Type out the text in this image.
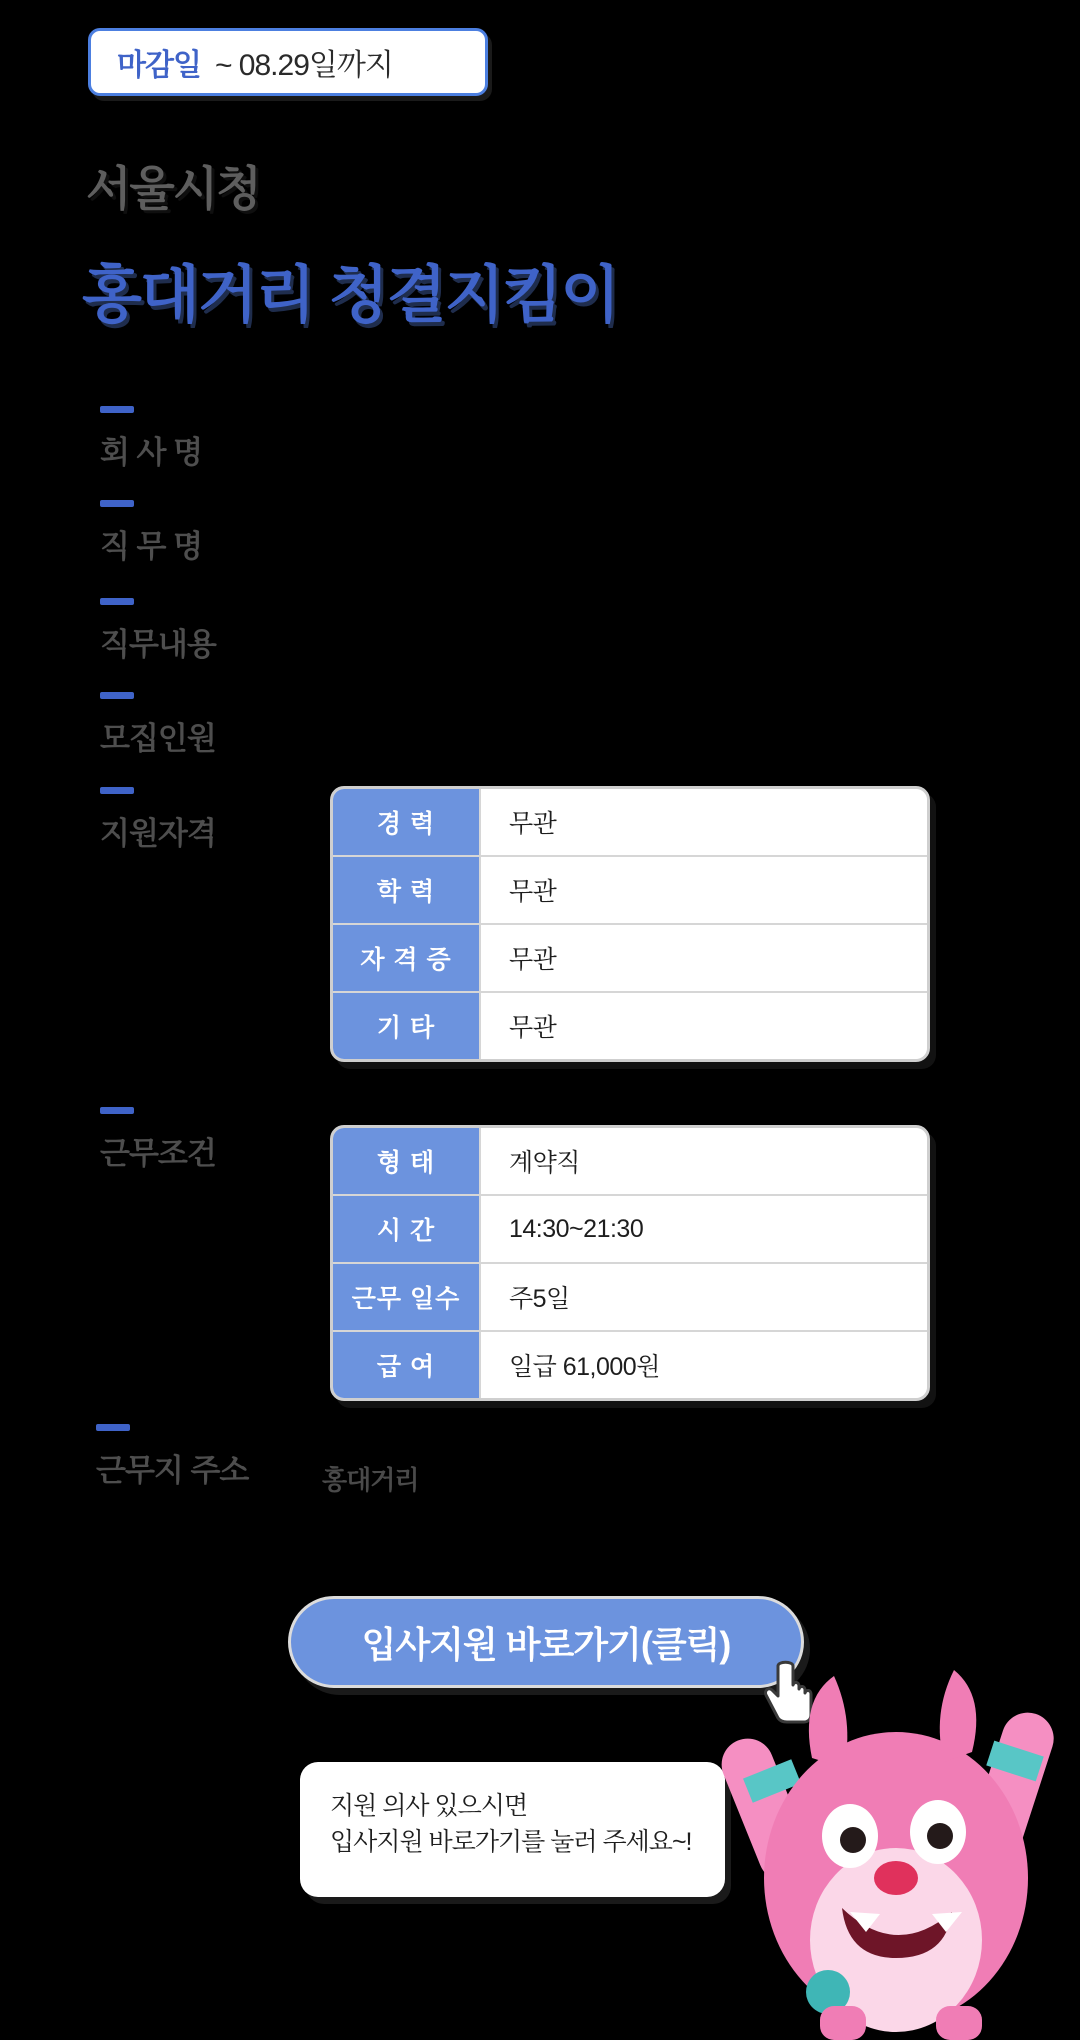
마감일 ~ 08.29일까지
서울시청
홍대거리 청결지킴이
회 사 명
직 무 명
직무내용
모집인원
지원자격
근무조건
근무지 주소	홍대거리
경 력	무관
학 력	무관
자 격 증	무관
기 타	무관
형 태	계약직
시 간	14:30~21:30
근무 일수	주5일
급 여	일급 61,000원
입사지원 바로가기(클릭)
지원 의사 있으시면
입사지원 바로가기를 눌러 주세요~!
